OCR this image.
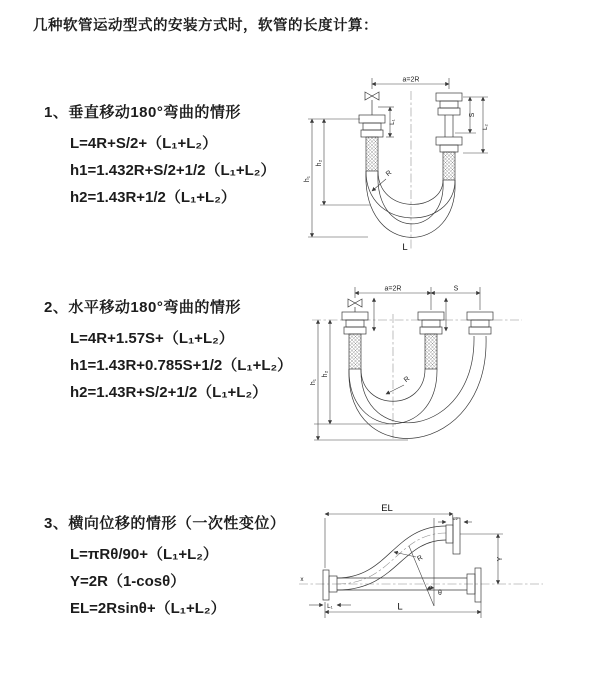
几种软管运动型式的安装方式时，软管的长度计算：
1、垂直移动180°弯曲的情形
L=4R+S/2+（L₁+L₂）
h1=1.432R+S/2+1/2（L₁+L₂）
h2=1.43R+1/2（L₁+L₂）
2、水平移动180°弯曲的情形
L=4R+1.57S+（L₁+L₂）
h1=1.43R+0.785S+1/2（L₁+L₂）
h2=1.43R+S/2+1/2（L₁+L₂）
3、横向位移的情形（一次性变位）
L=πRθ/90+（L₁+L₂）
Y=2R（1-cosθ）
EL=2Rsinθ+（L₁+L₂）
a=2R
L₁
S
L₂
h₁
h₂
R
L
a=2R	S
h₁
h₂
R
EL
L₂
Y
L
L₁
R
θ
x
